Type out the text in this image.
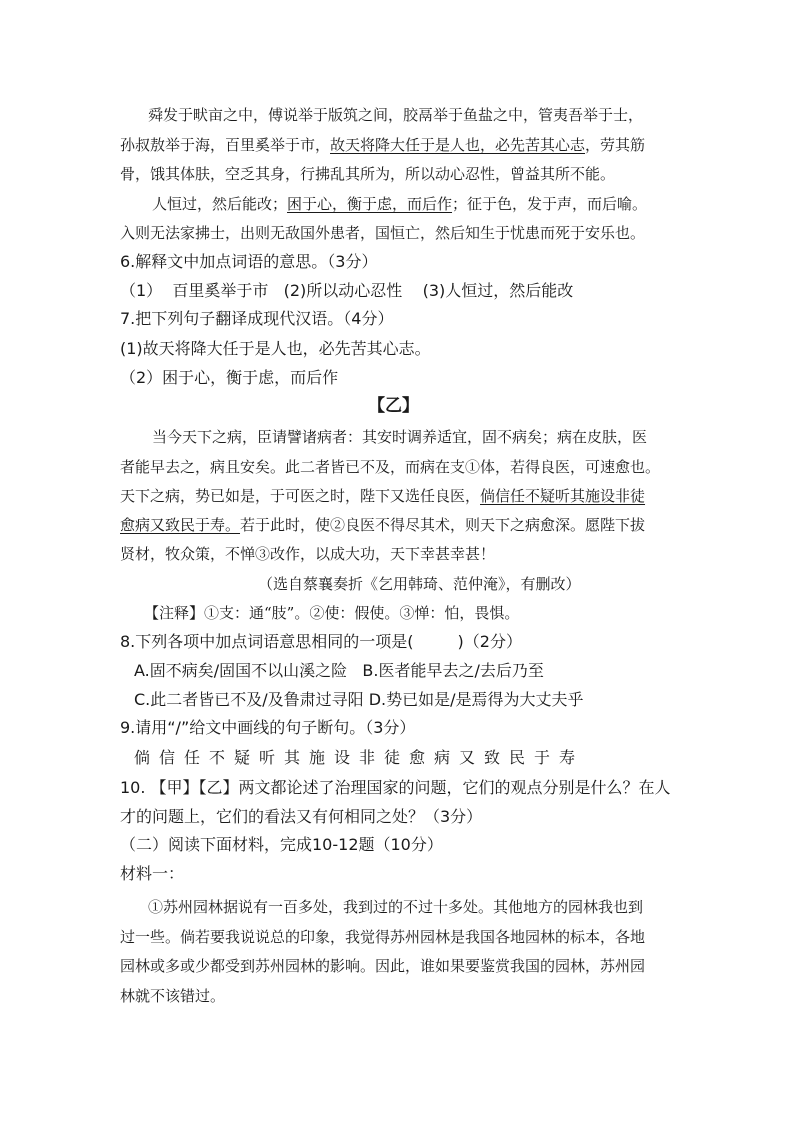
舜发于畎亩之中，傅说举于版筑之间，胶鬲举于鱼盐之中，管夷吾举于士，
孙叔敖举于海，百里奚举于市，故天将降大任于是人也，必先苦其心志，劳其筋
骨，饿其体肤，空乏其身，行拂乱其所为，所以动心忍性，曾益其所不能。
人恒过，然后能改；困于心，衡于虑，而后作；征于色，发于声，而后喻。
入则无法家拂士，出则无敌国外患者，国恒亡，然后知生于忧患而死于安乐也。
6.解释文中加点词语的意思。（3分）
（1）  百里奚举于市   (2)所以动心忍性    (3)人恒过，然后能改
7.把下列句子翻译成现代汉语。（4分）
(1)故天将降大任于是人也，必先苦其心志。
（2）困于心，衡于虑，而后作
【乙】
当今天下之病，臣请譬诸病者：其安时调养适宜，固不病矣；病在皮肤，医
者能早去之，病且安矣。此二者皆已不及，而病在支①体，若得良医，可速愈也。
天下之病，势已如是，于可医之时，陛下又选任良医，倘信任不疑听其施设非徒
愈病又致民于寿。若于此时，使②良医不得尽其术，则天下之病愈深。愿陛下拔
贤材，牧众策，不惮③改作，以成大功，天下幸甚幸甚！
（选自蔡襄奏折《乞用韩琦、范仲淹》，有删改）
【注释】①支：通“肢”。②使：假使。③惮：怕，畏惧。
8.下列各项中加点词语意思相同的一项是(	)（2分）
A.固不病矣/固国不以山溪之险   B.医者能早去之/去后乃至
C.此二者皆已不及/及鲁肃过寻阳 D.势已如是/是焉得为大丈夫乎
9.请用“/”给文中画线的句子断句。（3分）
倘信任不疑听其施设非徒愈病又致民于寿
10. 【甲】【乙】两文都论述了治理国家的问题，它们的观点分别是什么？在人
才的问题上，它们的看法又有何相同之处？（3分）
（二）阅读下面材料，完成10-12题（10分）
材料一：
①苏州园林据说有一百多处，我到过的不过十多处。其他地方的园林我也到
过一些。倘若要我说说总的印象，我觉得苏州园林是我国各地园林的标本，各地
园林或多或少都受到苏州园林的影响。因此，谁如果要鉴赏我国的园林，苏州园
林就不该错过。
